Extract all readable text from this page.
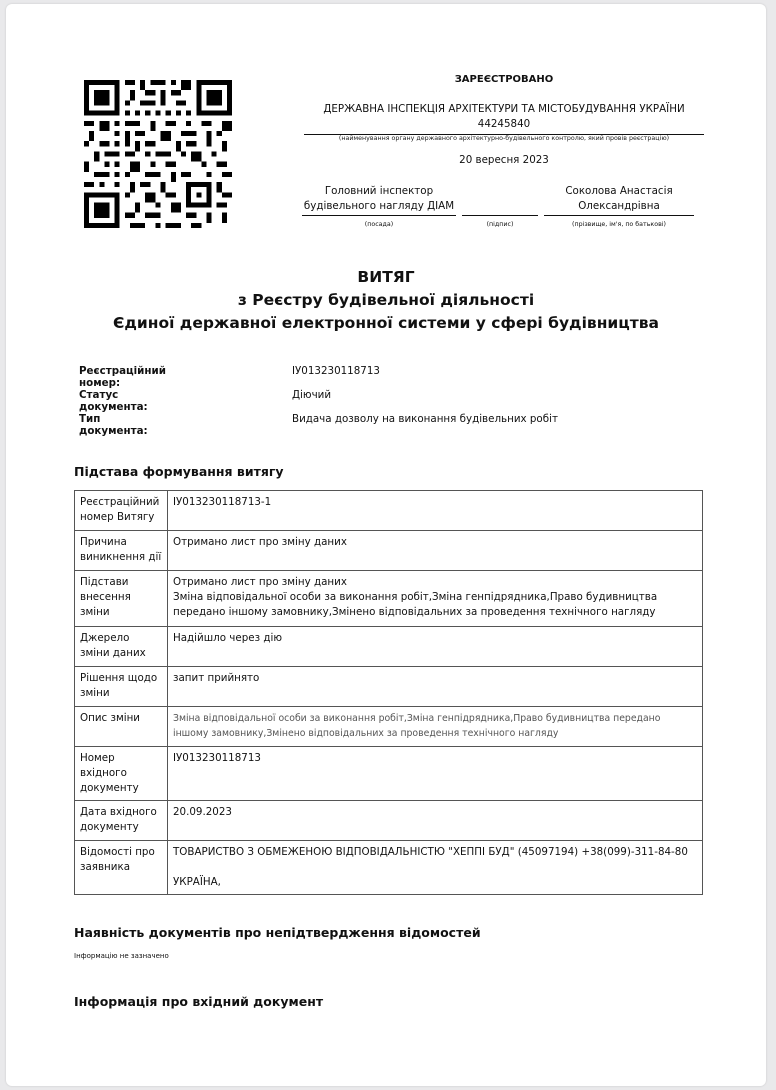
ЗАРЕЄСТРОВАНО
ДЕРЖАВНА ІНСПЕКЦІЯ АРХІТЕКТУРИ ТА МІСТОБУДУВАННЯ УКРАЇНИ
44245840
(найменування органу державного архітектурно-будівельного контролю, який провів реєстрацію)
20 вересня 2023
Головний інспектор
будівельного нагляду ДІАМ
(посада)	(підпис)
Соколова Анастасія
Олександрівна
(прізвище, ім'я, по батькові)
ВИТЯГ
з Реєстру будівельної діяльності
Єдиної державної електронної системи у сфері будівництва
Реєстраційний номер:
ІУ013230118713
Статус документа:
Діючий
Тип документа:
Видача дозволу на виконання будівельних робіт
Підстава формування витягу
Реєстраційний номер Витягу	ІУ013230118713-1
Причина виникнення дії	Отримано лист про зміну даних
Підстави внесення зміни	Отримано лист про зміну даних
Зміна відповідальної особи за виконання робіт,Зміна генпідрядника,Право будивництва передано іншому замовнику,Змінено відповідальних за проведення технічного нагляду

Джерело зміни даних	Надійшло через дію
Рішення щодо зміни	запит прийнято
Опис зміни	Зміна відповідальної особи за виконання робіт,Зміна генпідрядника,Право будивництва передано іншому замовнику,Змінено відповідальних за проведення технічного нагляду
Номер вхідного документу	ІУ013230118713
Дата вхідного документу	20.09.2023
Відомості про заявника	ТОВАРИСТВО З ОБМЕЖЕНОЮ ВІДПОВІДАЛЬНІСТЮ "ХЕППІ БУД" (45097194) +38(099)-311-84-80
УКРАЇНА,
Наявність документів про непідтвердження відомостей
Інформацію не зазначено
Інформація про вхідний документ
